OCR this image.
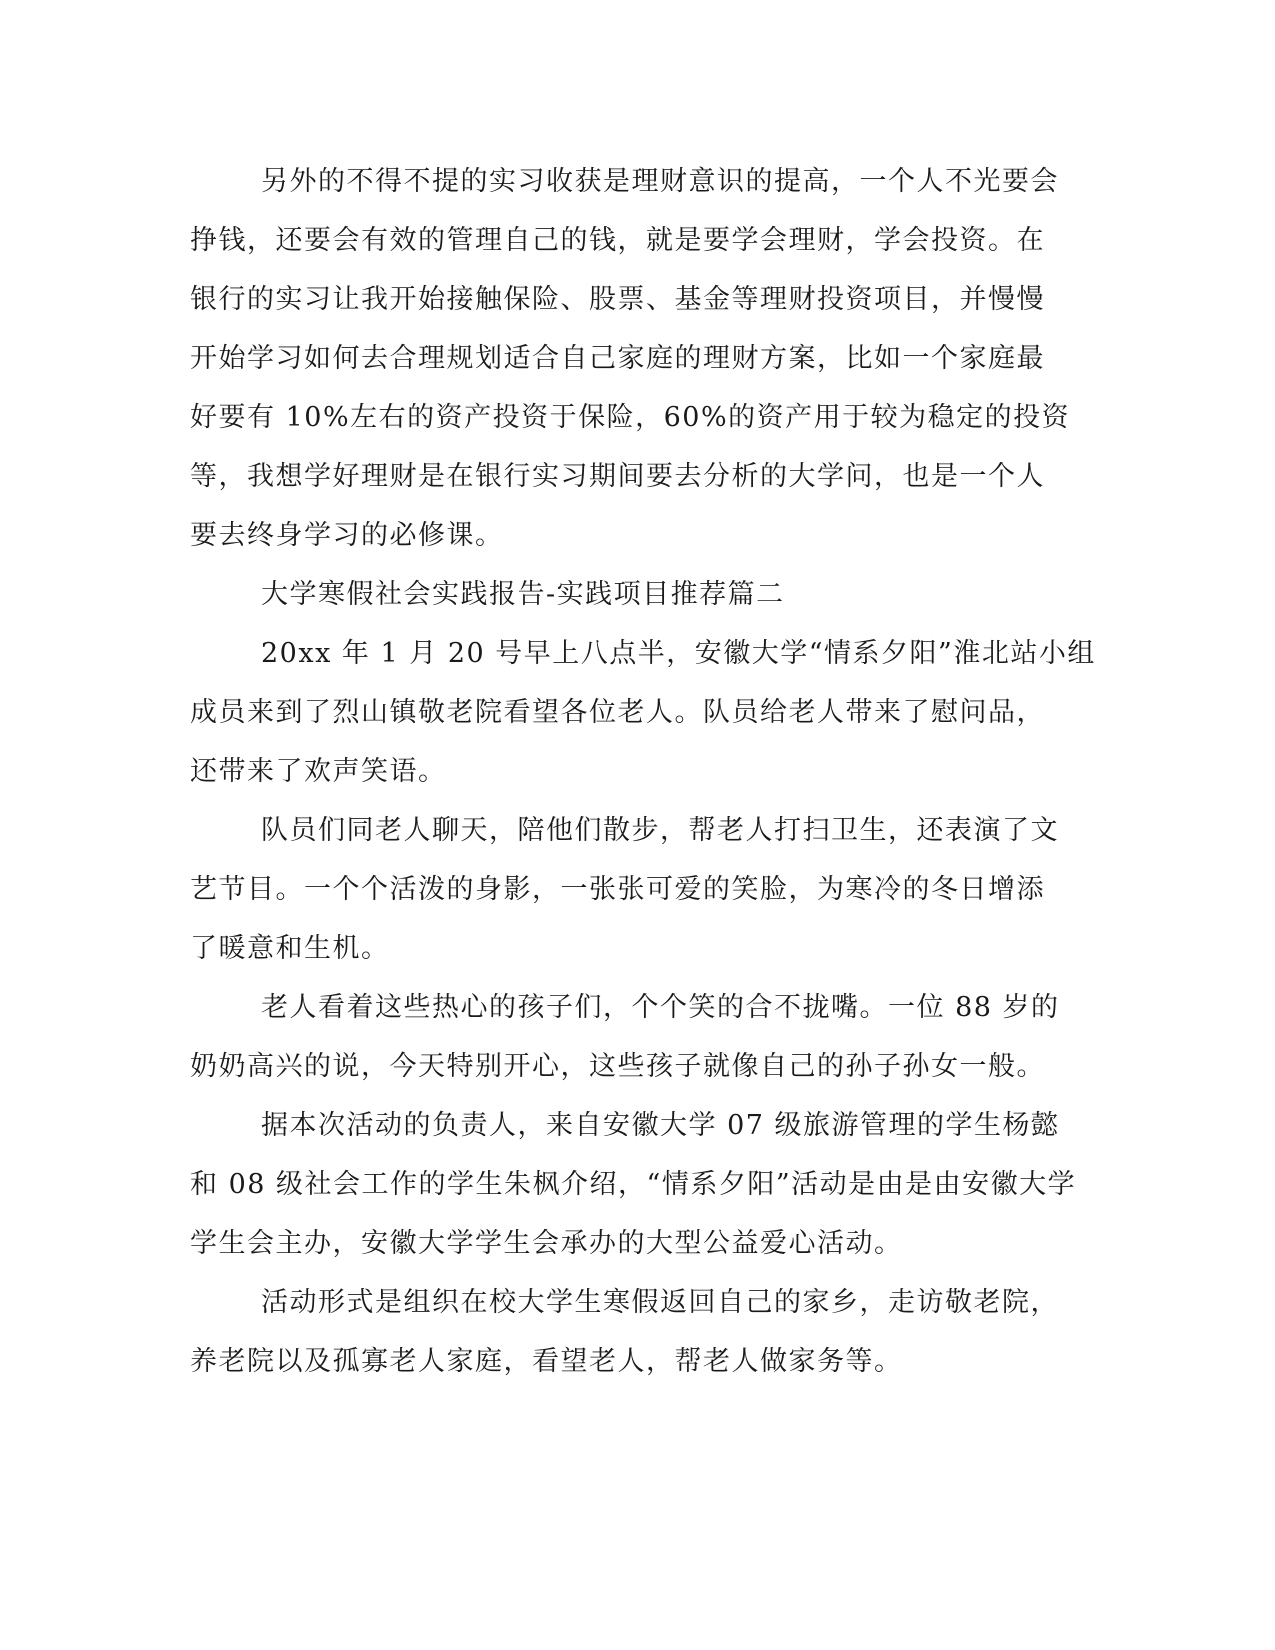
另外的不得不提的实习收获是理财意识的提高，一个人不光要会
挣钱，还要会有效的管理自己的钱，就是要学会理财，学会投资。在
银行的实习让我开始接触保险、股票、基金等理财投资项目，并慢慢
开始学习如何去合理规划适合自己家庭的理财方案，比如一个家庭最
好要有 10%左右的资产投资于保险，60%的资产用于较为稳定的投资
等，我想学好理财是在银行实习期间要去分析的大学问，也是一个人
要去终身学习的必修课。
大学寒假社会实践报告-实践项目推荐篇二
20xx 年 1 月 20 号早上八点半，安徽大学“情系夕阳”淮北站小组
成员来到了烈山镇敬老院看望各位老人。队员给老人带来了慰问品，
还带来了欢声笑语。
队员们同老人聊天，陪他们散步，帮老人打扫卫生，还表演了文
艺节目。一个个活泼的身影，一张张可爱的笑脸，为寒冷的冬日增添
了暖意和生机。
老人看着这些热心的孩子们，个个笑的合不拢嘴。一位 88 岁的
奶奶高兴的说，今天特别开心，这些孩子就像自己的孙子孙女一般。
据本次活动的负责人，来自安徽大学 07 级旅游管理的学生杨懿
和 08 级社会工作的学生朱枫介绍，“情系夕阳”活动是由是由安徽大学
学生会主办，安徽大学学生会承办的大型公益爱心活动。
活动形式是组织在校大学生寒假返回自己的家乡，走访敬老院，
养老院以及孤寡老人家庭，看望老人，帮老人做家务等。
